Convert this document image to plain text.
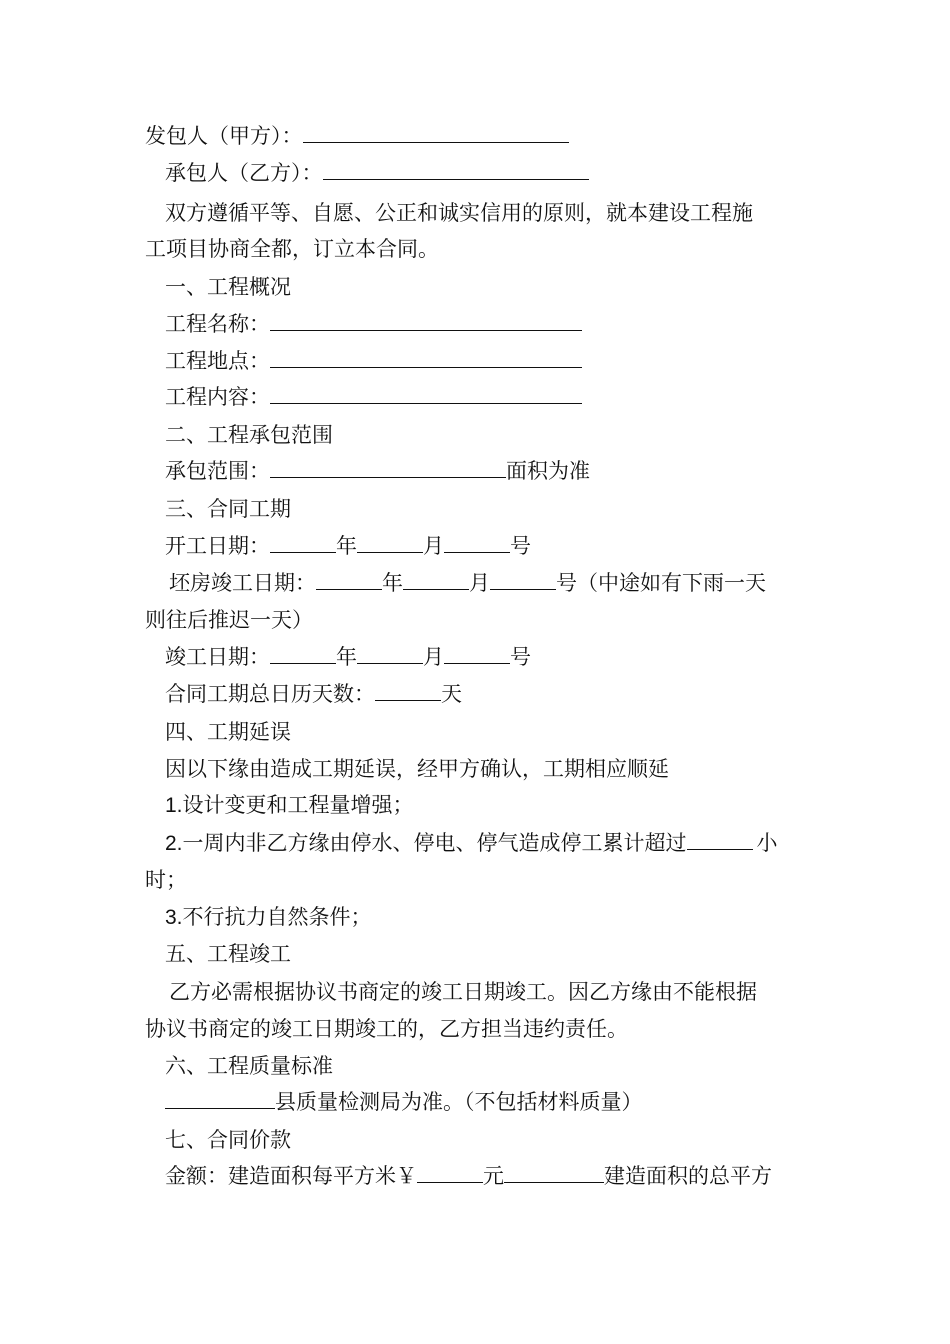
发包人（甲方）：
承包人（乙方）：
双方遵循平等、自愿、公正和诚实信用的原则，就本建设工程施
工项目协商全都，订立本合同。
一、工程概况
工程名称：
工程地点：
工程内容：
二、工程承包范围
承包范围：	面积为准
三、合同工期
开工日期：	年	月	号
坯房竣工日期：	年	月	号（中途如有下雨一天
则往后推迟一天）
竣工日期：	年	月	号
合同工期总日历天数：	天
四、工期延误
因以下缘由造成工期延误，经甲方确认，工期相应顺延
1.设计变更和工程量增强；
2.一周内非乙方缘由停水、停电、停气造成停工累计超过	小
时；
3.不行抗力自然条件；
五、工程竣工
乙方必需根据协议书商定的竣工日期竣工。因乙方缘由不能根据
协议书商定的竣工日期竣工的，乙方担当违约责任。
六、工程质量标准
县质量检测局为准。（不包括材料质量）
七、合同价款
金额：建造面积每平方米￥	元	建造面积的总平方
